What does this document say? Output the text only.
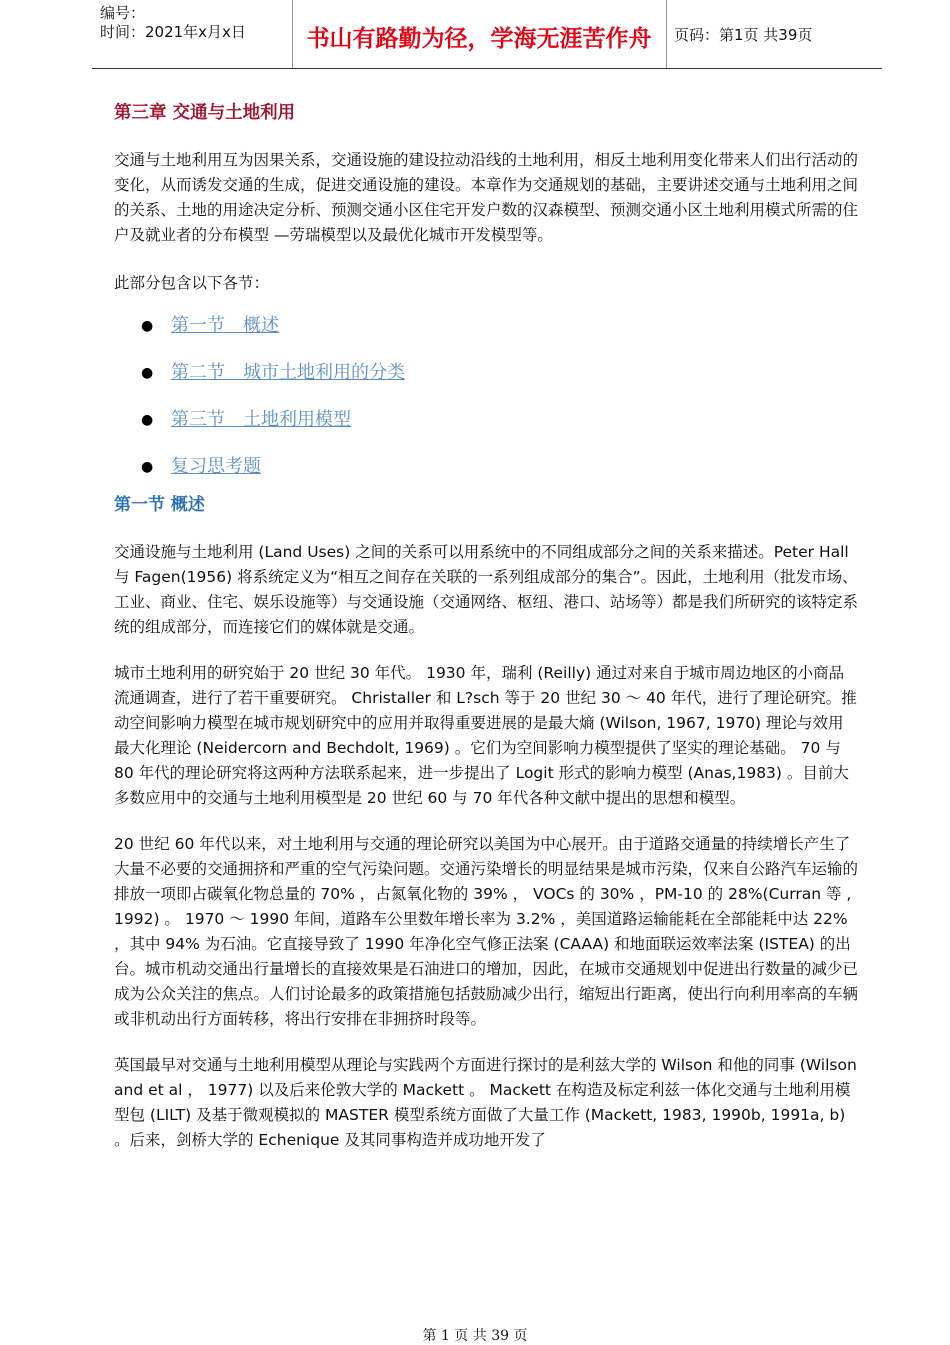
编号：
时间：2021年x月x日	书山有路勤为径，学海无涯苦作舟	页码：第1页 共39页
第三章 交通与土地利用

交通与土地利用互为因果关系，交通设施的建设拉动沿线的土地利用，相反土地利用变化带来人们出行活动的变化，从而诱发交通的生成，促进交通设施的建设。本章作为交通规划的基础，主要讲述交通与土地利用之间的关系、土地的用途决定分析、预测交通小区住宅开发户数的汉森模型、预测交通小区土地利用模式所需的住户及就业者的分布模型 —劳瑞模型以及最优化城市开发模型等。

此部分包含以下各节：

● 第一节　概述
● 第二节　城市土地利用的分类
● 第三节　土地利用模型
● 复习思考题
第一节 概述

交通设施与土地利用 (Land Uses) 之间的关系可以用系统中的不同组成部分之间的关系来描述。Peter Hall 与 Fagen(1956) 将系统定义为“相互之间存在关联的一系列组成部分的集合”。因此，土地利用（批发市场、工业、商业、住宅、娱乐设施等）与交通设施（交通网络、枢纽、港口、站场等）都是我们所研究的该特定系统的组成部分，而连接它们的媒体就是交通。

城市土地利用的研究始于 20 世纪 30 年代。 1930 年，瑞利 (Reilly) 通过对来自于城市周边地区的小商品流通调查，进行了若干重要研究。 Christaller 和 L?sch 等于 20 世纪 30 ～ 40 年代，进行了理论研究。推动空间影响力模型在城市规划研究中的应用并取得重要进展的是最大熵 (Wilson, 1967, 1970) 理论与效用最大化理论 (Neidercorn and Bechdolt, 1969) 。它们为空间影响力模型提供了坚实的理论基础。 70 与 80 年代的理论研究将这两种方法联系起来，进一步提出了 Logit 形式的影响力模型 (Anas,1983) 。目前大多数应用中的交通与土地利用模型是 20 世纪 60 与 70 年代各种文献中提出的思想和模型。

20 世纪 60 年代以来，对土地利用与交通的理论研究以美国为中心展开。由于道路交通量的持续增长产生了大量不必要的交通拥挤和严重的空气污染问题。交通污染增长的明显结果是城市污染，仅来自公路汽车运输的排放一项即占碳氧化物总量的 70% ，占氮氧化物的 39% ， VOCs 的 30% ，PM-10 的 28%(Curran 等 , 1992) 。 1970 ～ 1990 年间，道路车公里数年增长率为 3.2% ，美国道路运输能耗在全部能耗中达 22% ，其中 94% 为石油。它直接导致了 1990 年净化空气修正法案 (CAAA) 和地面联运效率法案 (ISTEA) 的出台。城市机动交通出行量增长的直接效果是石油进口的增加，因此，在城市交通规划中促进出行数量的减少已成为公众关注的焦点。人们讨论最多的政策措施包括鼓励减少出行，缩短出行距离，使出行向利用率高的车辆或非机动出行方面转移，将出行安排在非拥挤时段等。

英国最早对交通与土地利用模型从理论与实践两个方面进行探讨的是利兹大学的 Wilson 和他的同事 (Wilson and et al ， 1977) 以及后来伦敦大学的 Mackett 。 Mackett 在构造及标定利兹一体化交通与土地利用模型包 (LILT) 及基于微观模拟的 MASTER 模型系统方面做了大量工作 (Mackett, 1983, 1990b, 1991a, b) 。后来，剑桥大学的 Echenique 及其同事构造并成功地开发了

第 1 页 共 39 页
